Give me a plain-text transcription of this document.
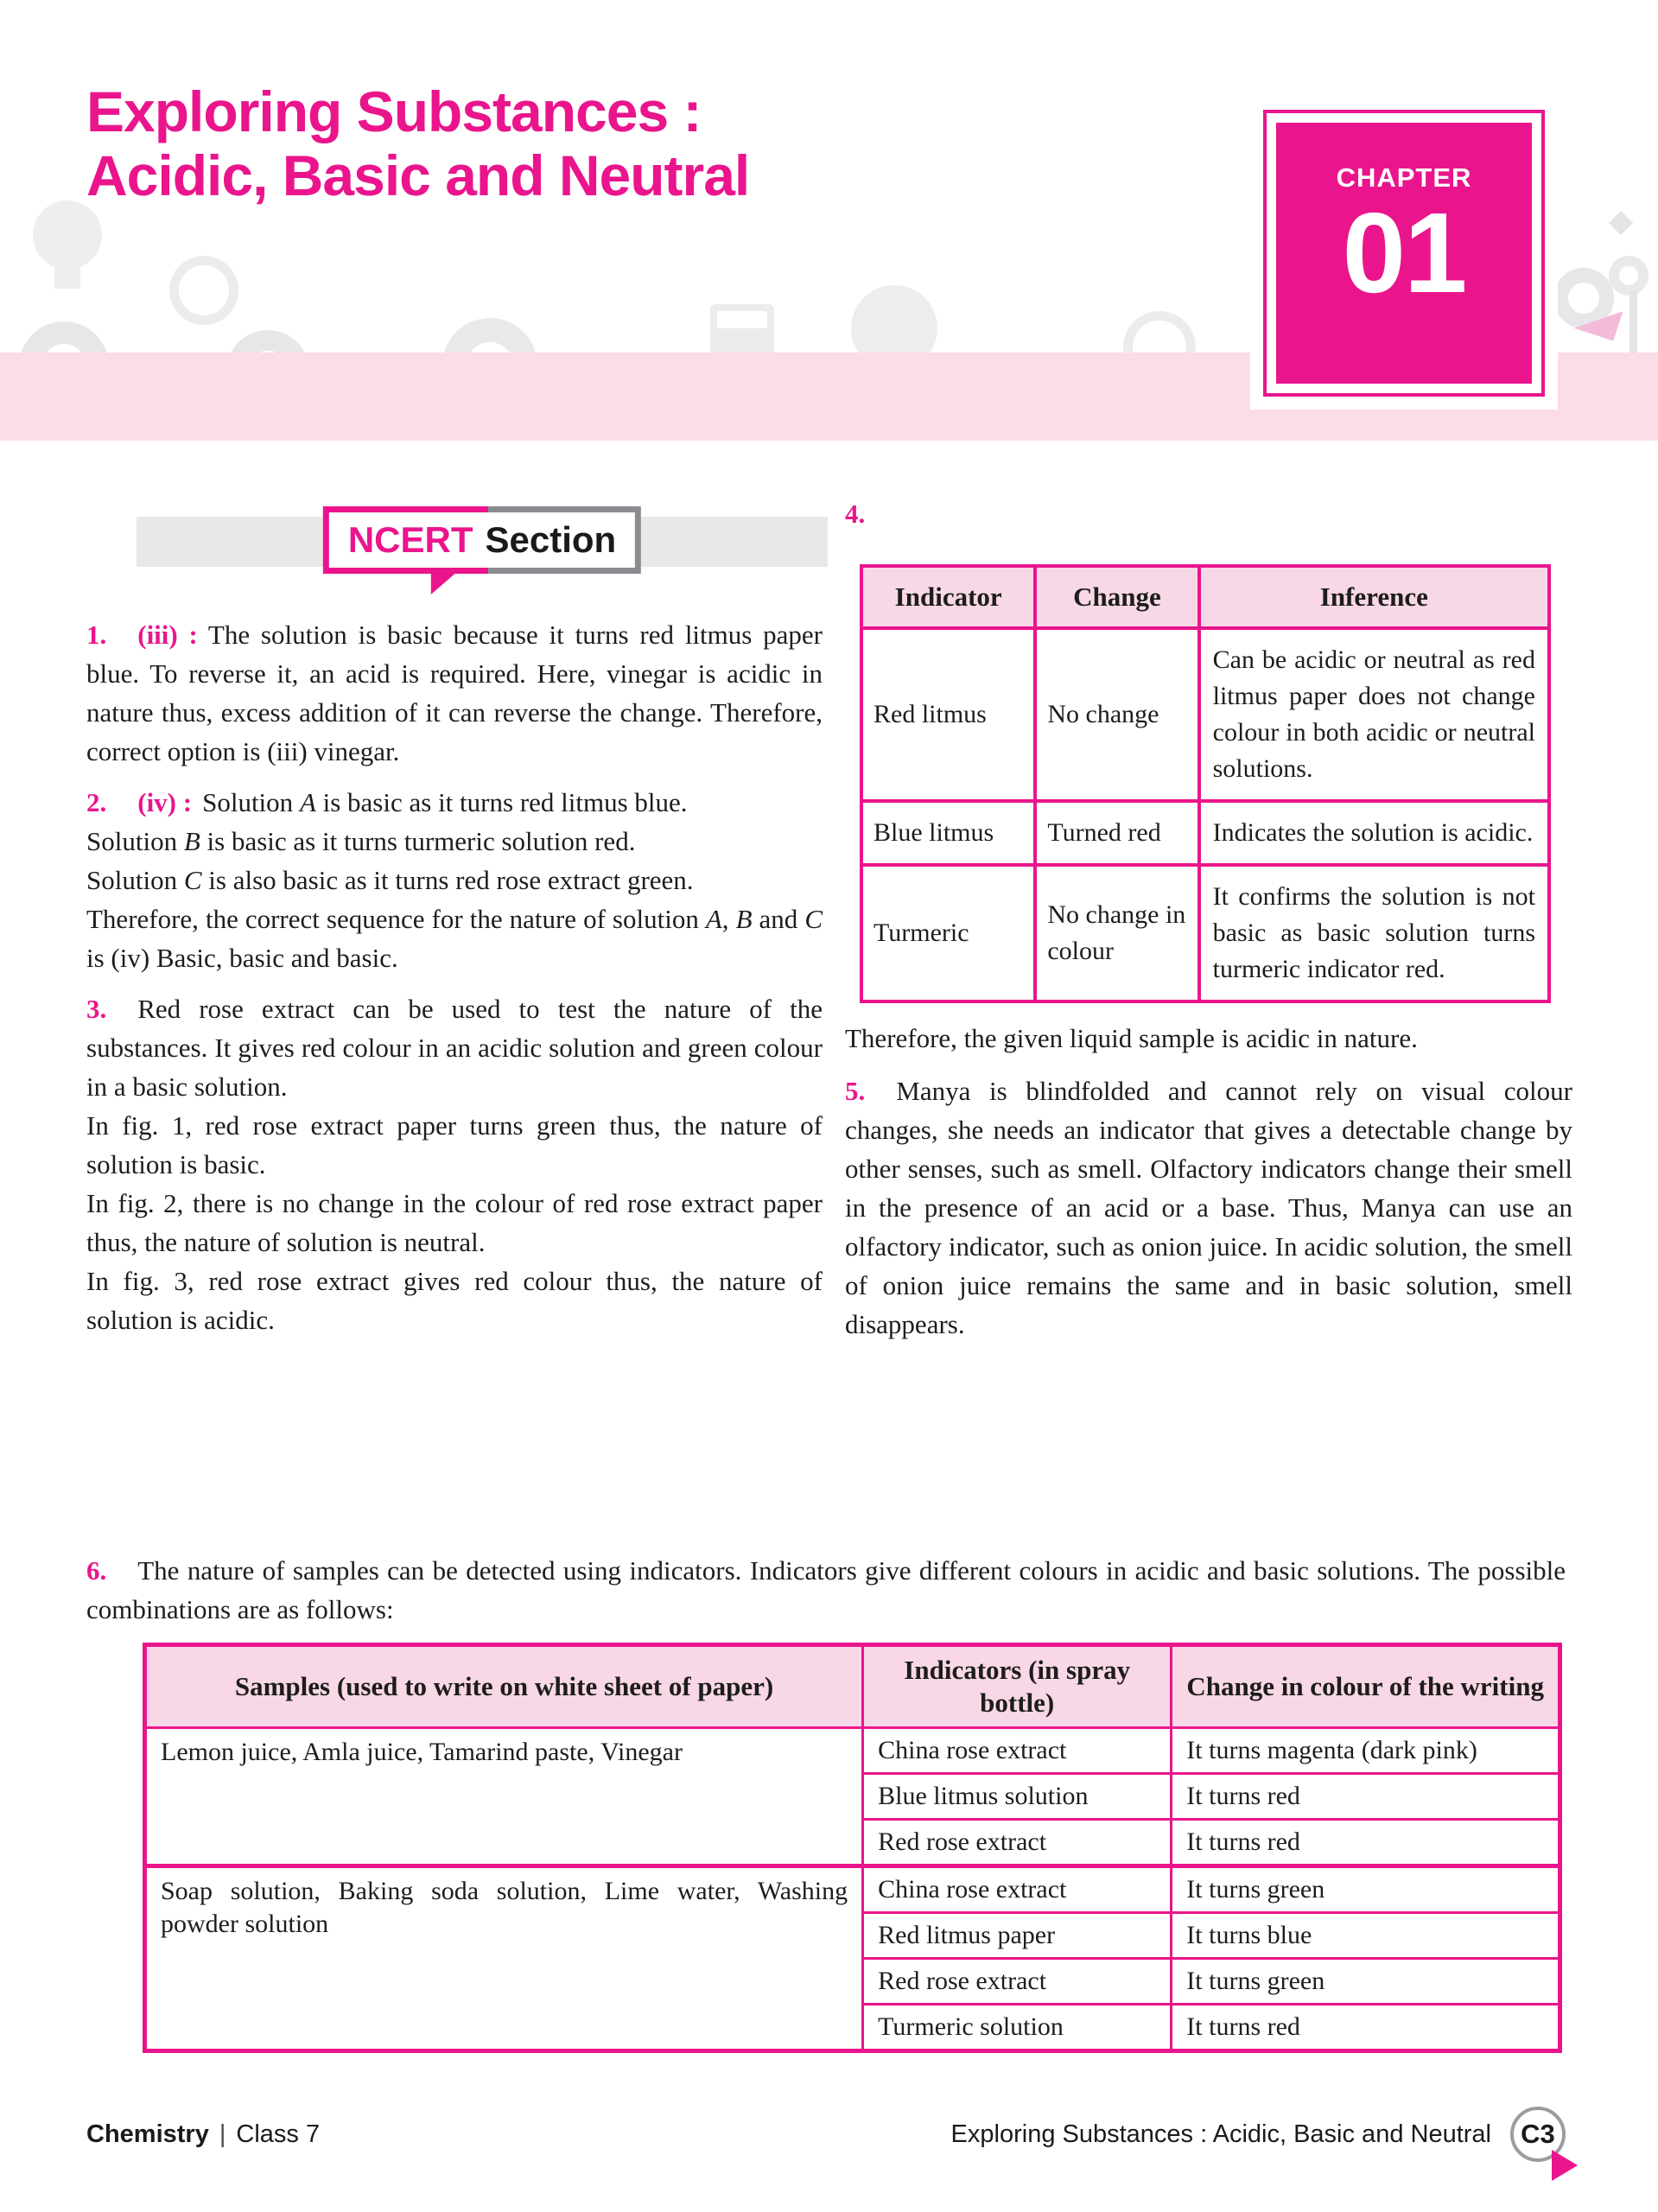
Exploring Substances :
Acidic, Basic and Neutral	CHAPTER
01
NCERT Section

1. (iii) : The solution is basic because it turns red litmus paper blue. To reverse it, an acid is required. Here, vinegar is acidic in nature thus, excess addition of it can reverse the change. Therefore, correct option is (iii) vinegar.

2. (iv) : Solution A is basic as it turns red litmus blue.

Solution B is basic as it turns turmeric solution red.

Solution C is also basic as it turns red rose extract green.

Therefore, the correct sequence for the nature of solution A, B and C is (iv) Basic, basic and basic.

3. Red rose extract can be used to test the nature of the substances. It gives red colour in an acidic solution and green colour in a basic solution.

In fig. 1, red rose extract paper turns green thus, the nature of solution is basic.

In fig. 2, there is no change in the colour of red rose extract paper thus, the nature of solution is neutral.

In fig. 3, red rose extract gives red colour thus, the nature of solution is acidic.

4.

Indicator	Change	Inference
Red litmus	No change	Can be acidic or neutral as red litmus paper does not change colour in both acidic or neutral solutions.
Blue litmus	Turned red	Indicates the solution is acidic.
Turmeric	No change in colour	It confirms the solution is not basic as basic solution turns turmeric indicator red.

Therefore, the given liquid sample is acidic in nature.

5. Manya is blindfolded and cannot rely on visual colour changes, she needs an indicator that gives a detectable change by other senses, such as smell. Olfactory indicators change their smell in the presence of an acid or a base. Thus, Manya can use an olfactory indicator, such as onion juice. In acidic solution, the smell of onion juice remains the same and in basic solution, smell disappears.

6. The nature of samples can be detected using indicators. Indicators give different colours in acidic and basic solutions. The possible combinations are as follows:

Samples (used to write on white sheet of paper)	Indicators (in spray bottle)	Change in colour of the writing
Lemon juice, Amla juice, Tamarind paste, Vinegar	China rose extract	It turns magenta (dark pink)
	Blue litmus solution	It turns red
	Red rose extract	It turns red
Soap solution, Baking soda solution, Lime water, Washing powder solution	China rose extract	It turns green
	Red litmus paper	It turns blue
	Red rose extract	It turns green
	Turmeric solution	It turns red
Chemistry | Class 7	Exploring Substances : Acidic, Basic and Neutral C3
